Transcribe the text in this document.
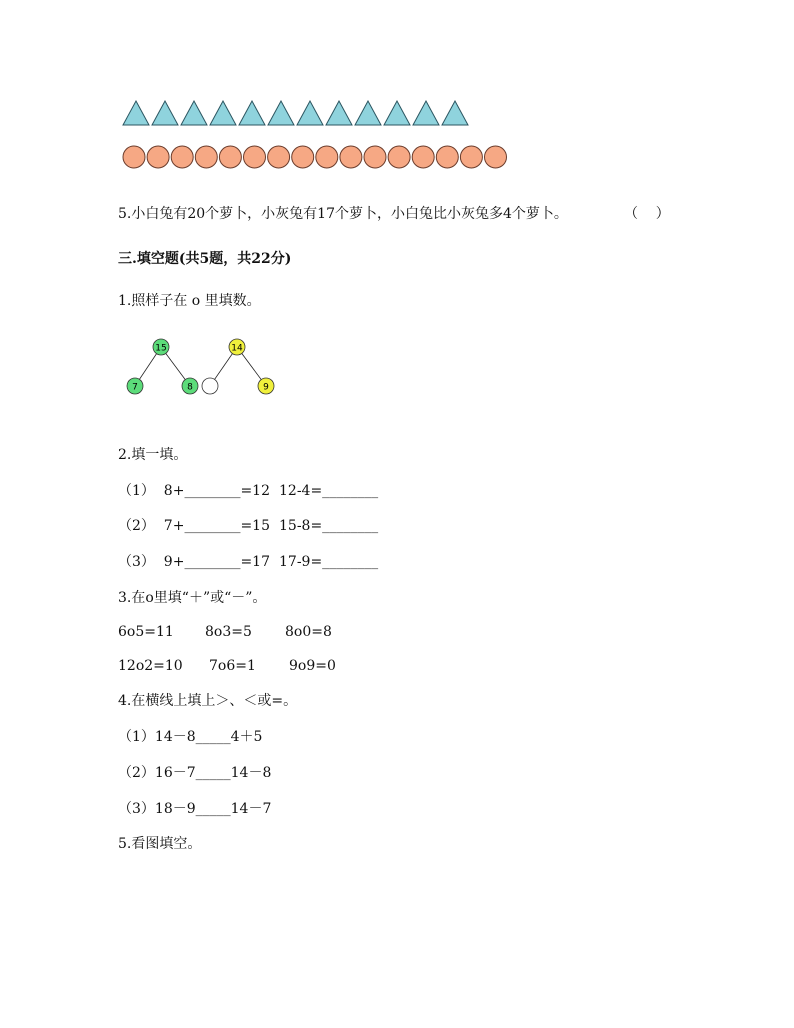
5.小白兔有20个萝卜，小灰兔有17个萝卜，小白兔比小灰兔多4个萝卜。	（    ）
三.填空题(共5题，共22分)
1.照样子在 o 里填数。
15
7	8
14
9
2.填一填。
（1）  8+________=12 12-4=________
（2）  7+________=15 15-8=________
（3）  9+________=17 17-9=________
3.在o里填“＋”或“－”。
6o5=11 8o3=5 8o0=8
12o2=10 7o6=1 9o9=0
4.在横线上填上＞、＜或=。
（1）14－8_____4＋5
（2）16－7_____14－8
（3）18－9_____14－7
5.看图填空。
